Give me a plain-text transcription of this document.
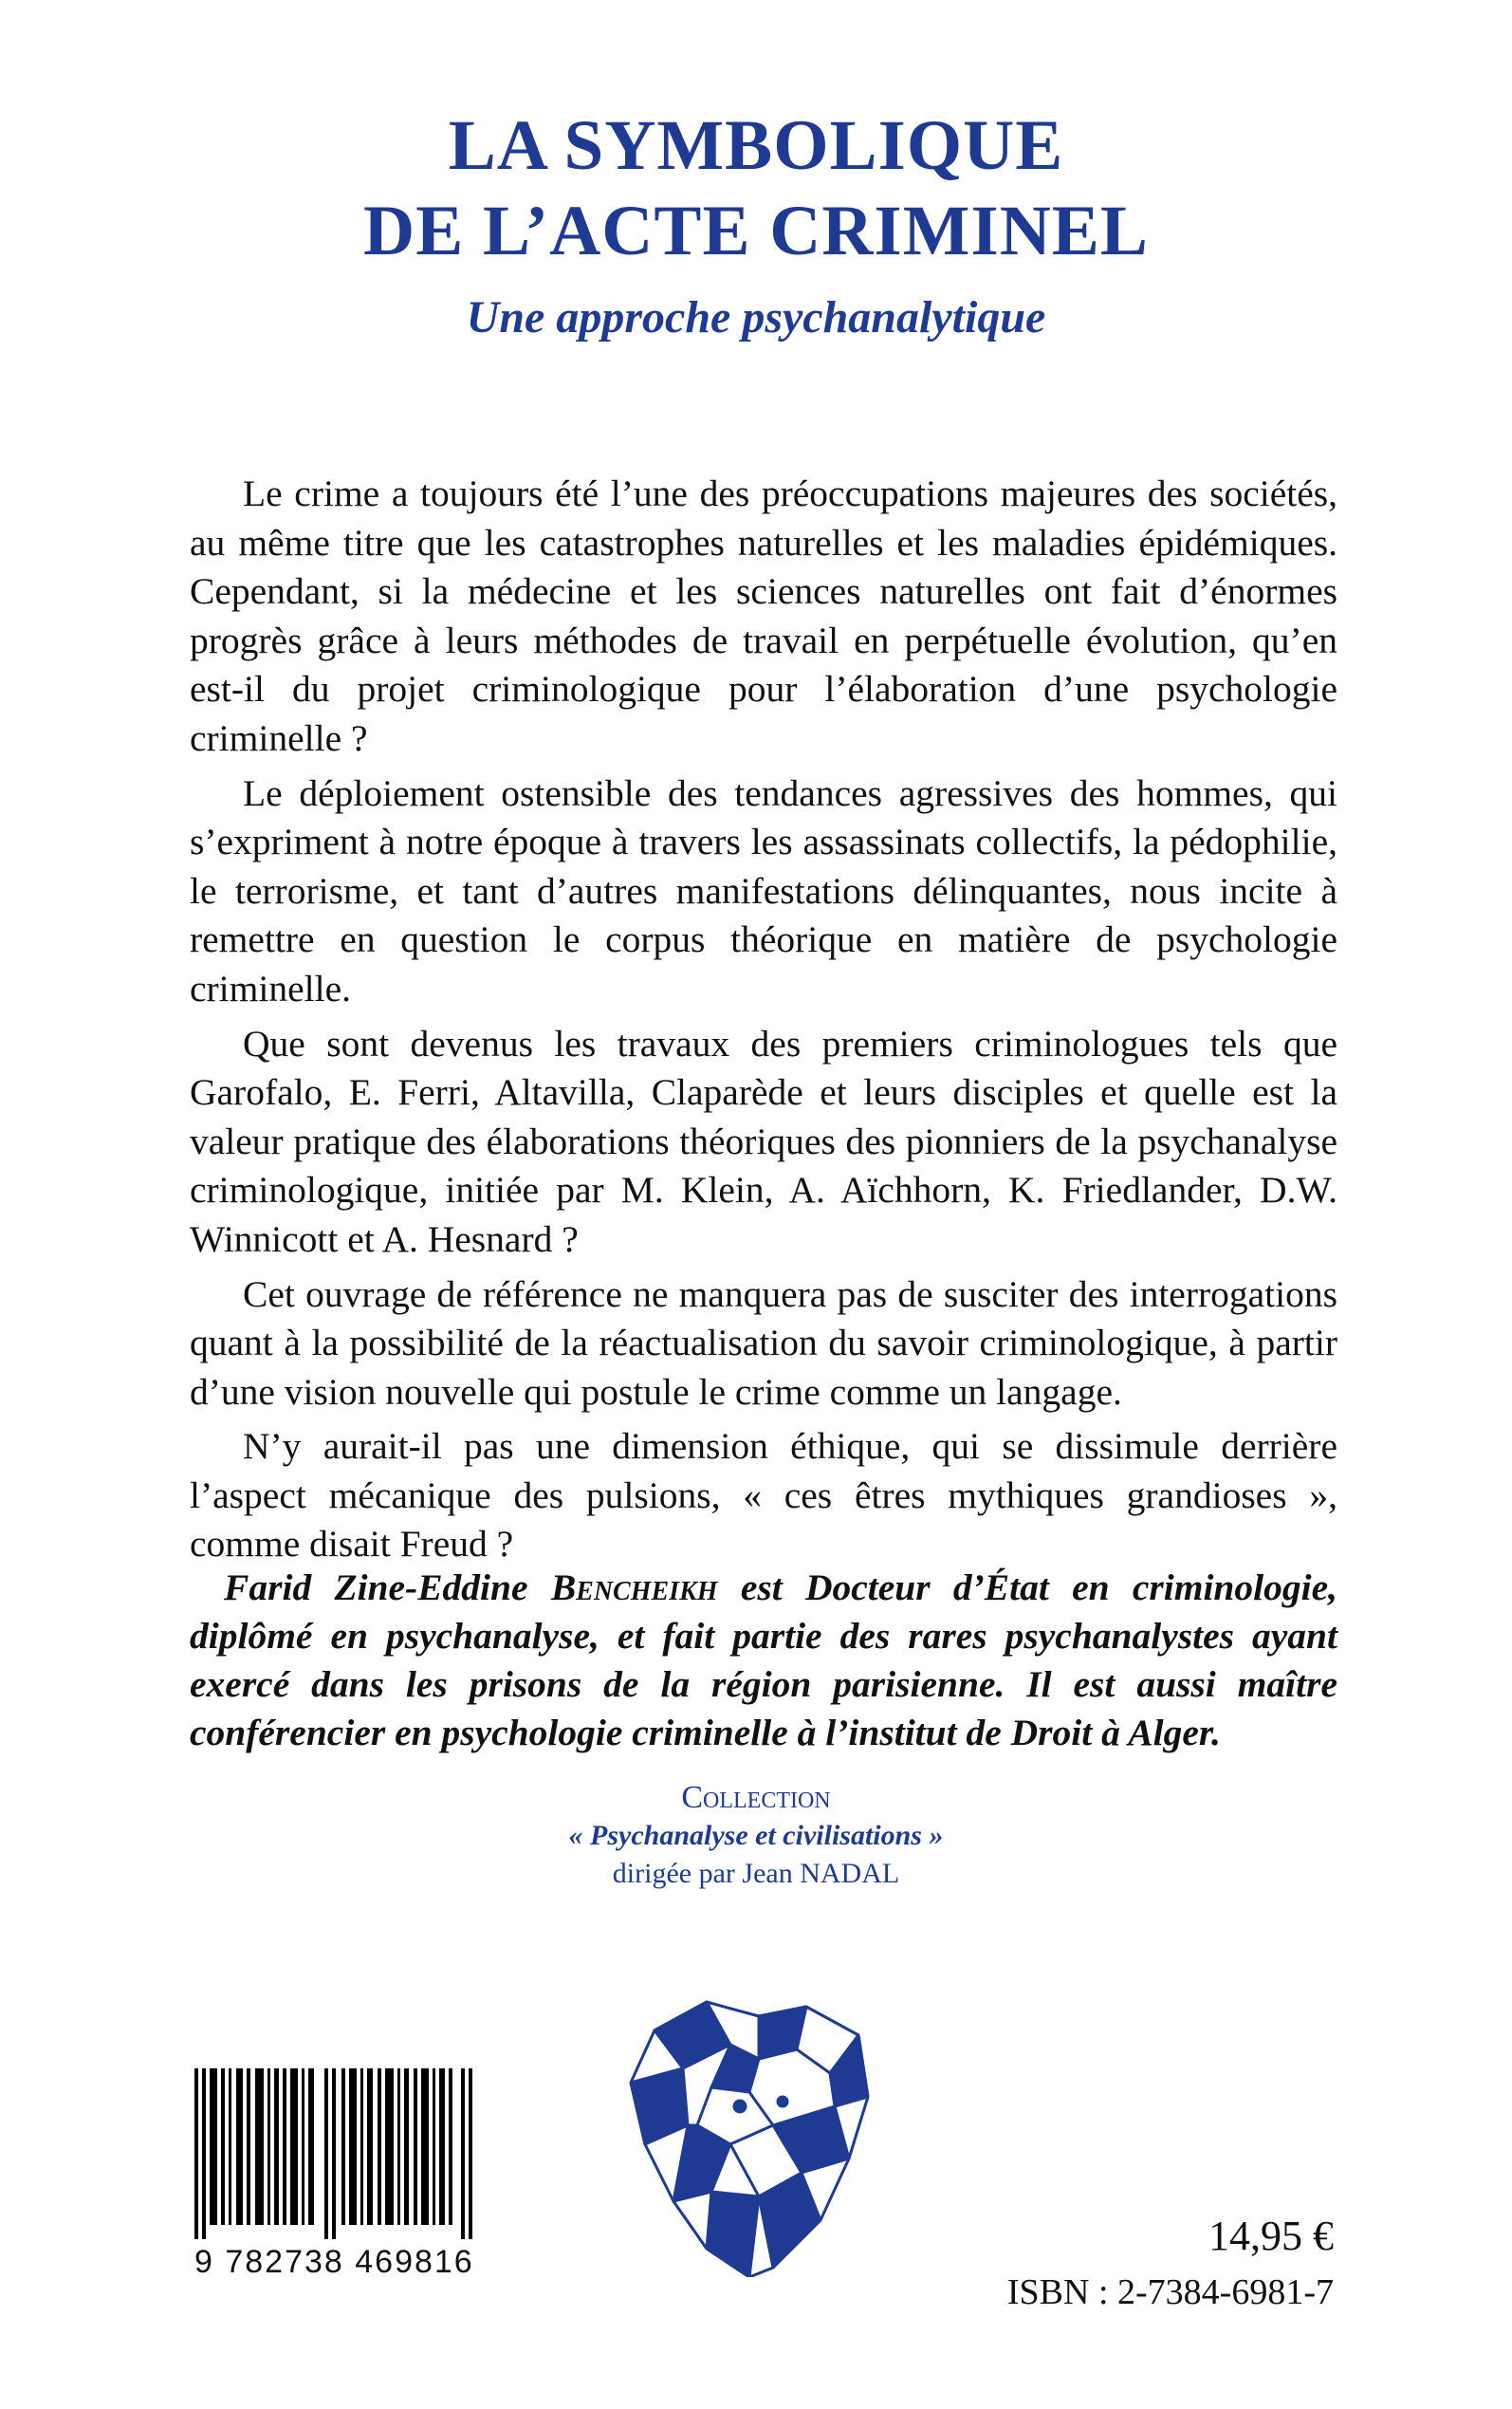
LA SYMBOLIQUE
DE L’ACTE CRIMINEL
Une approche psychanalytique

Le crime a toujours été l’une des préoccupations majeures des sociétés, au même titre que les catastrophes naturelles et les maladies épidémiques. Cependant, si la médecine et les sciences naturelles ont fait d’énormes progrès grâce à leurs méthodes de travail en perpétuelle évolution, qu’en est-il du projet criminologique pour l’élaboration d’une psychologie criminelle ?

Le déploiement ostensible des tendances agressives des hommes, qui s’expriment à notre époque à travers les assassinats collectifs, la pédophilie, le terrorisme, et tant d’autres manifestations délinquantes, nous incite à remettre en question le corpus théorique en matière de psychologie criminelle.

Que sont devenus les travaux des premiers criminologues tels que Garofalo, E. Ferri, Altavilla, Claparède et leurs disciples et quelle est la valeur pratique des élaborations théoriques des pionniers de la psychanalyse criminologique, initiée par M. Klein, A. Aïchhorn, K. Friedlander, D.W. Winnicott et A. Hesnard ?

Cet ouvrage de référence ne manquera pas de susciter des interrogations quant à la possibilité de la réactualisation du savoir criminologique, à partir d’une vision nouvelle qui postule le crime comme un langage.

N’y aurait-il pas une dimension éthique, qui se dissimule derrière l’aspect mécanique des pulsions, « ces êtres mythiques grandioses », comme disait Freud ?

Farid Zine-Eddine Bencheikh est Docteur d’État en criminologie, diplômé en psychanalyse, et fait partie des rares psychanalystes ayant exercé dans les prisons de la région parisienne. Il est aussi maître conférencier en psychologie criminelle à l’institut de Droit à Alger.

Collection
« Psychanalyse et civilisations »
dirigée par Jean NADAL
9 782738 469816
14,95 €
ISBN : 2-7384-6981-7
